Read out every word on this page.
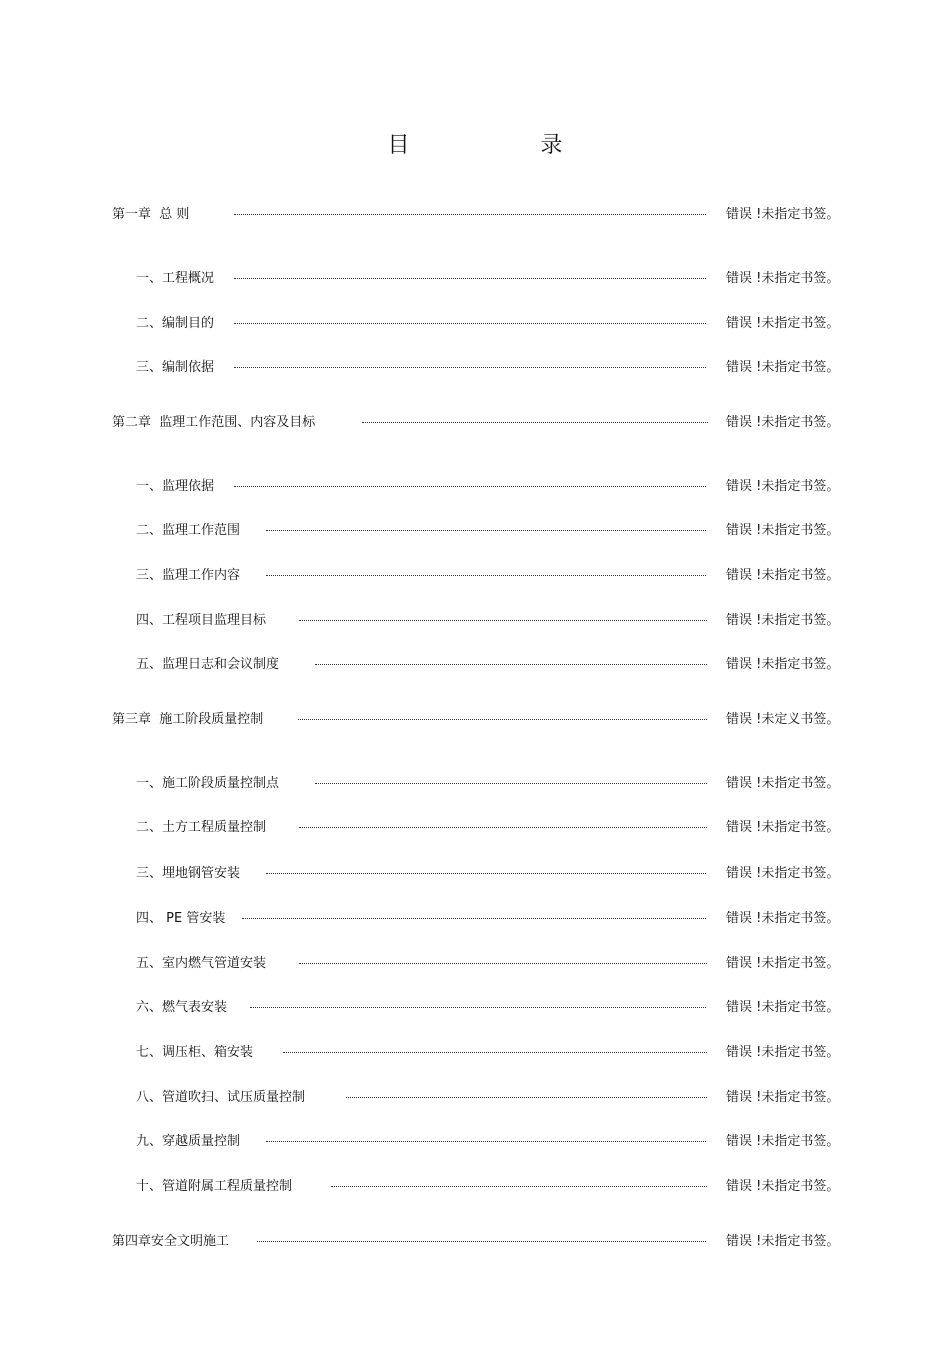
目 录
第一章  总 则	错误 !未指定书签。
一、工程概况	错误 !未指定书签。
二、编制目的	错误 !未指定书签。
三、编制依据	错误 !未指定书签。
第二章  监理工作范围、内容及目标	错误 !未指定书签。
一、监理依据	错误 !未指定书签。
二、监理工作范围	错误 !未指定书签。
三、监理工作内容	错误 !未指定书签。
四、工程项目监理目标	错误 !未指定书签。
五、监理日志和会议制度	错误 !未指定书签。
第三章  施工阶段质量控制	错误 !未定义书签。
一、施工阶段质量控制点	错误 !未指定书签。
二、土方工程质量控制	错误 !未指定书签。
三、埋地钢管安装	错误 !未指定书签。
四、 PE 管安装	错误 !未指定书签。
五、室内燃气管道安装	错误 !未指定书签。
六、燃气表安装	错误 !未指定书签。
七、调压柜、箱安装	错误 !未指定书签。
八、管道吹扫、试压质量控制	错误 !未指定书签。
九、穿越质量控制	错误 !未指定书签。
十、管道附属工程质量控制	错误 !未指定书签。
第四章安全文明施工	错误 !未指定书签。
